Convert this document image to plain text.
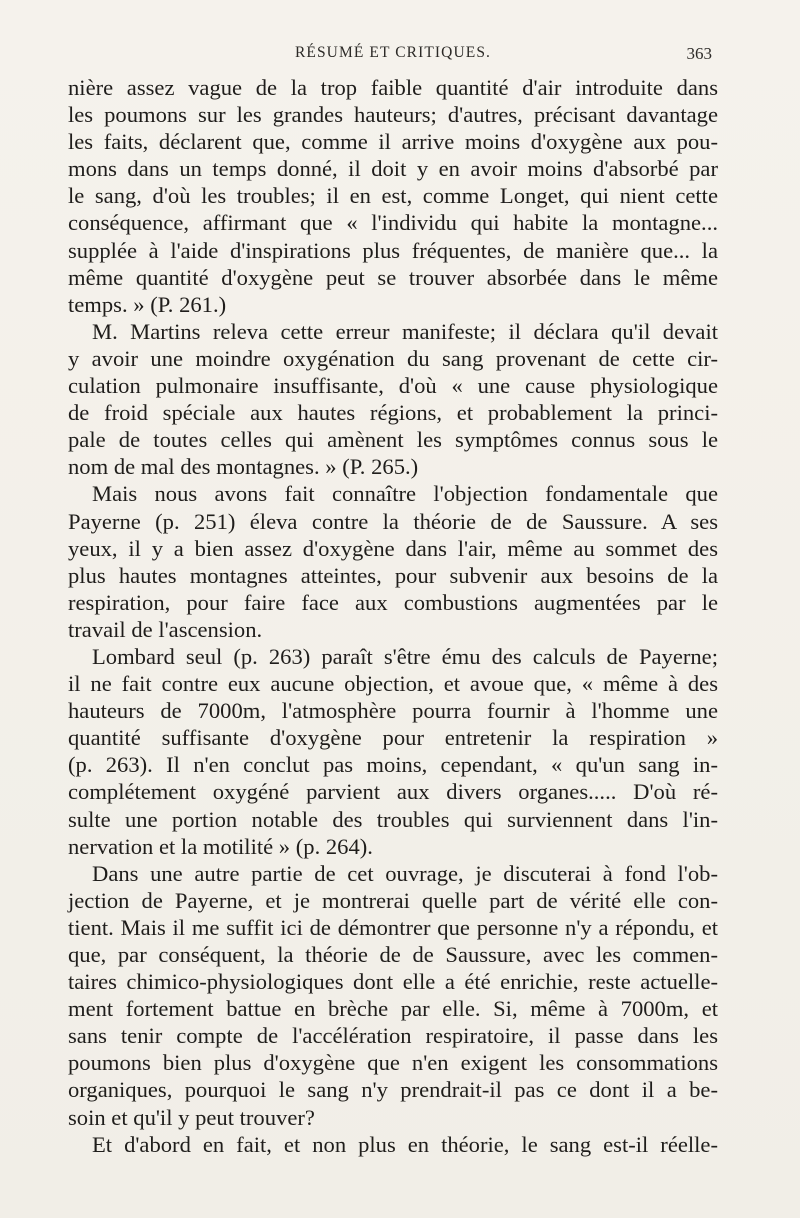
RÉSUMÉ ET CRITIQUES.	363

nière assez vague de la trop faible quantité d'air introduite dans
les poumons sur les grandes hauteurs; d'autres, précisant davantage
les faits, déclarent que, comme il arrive moins d'oxygène aux pou-
mons dans un temps donné, il doit y en avoir moins d'absorbé par
le sang, d'où les troubles; il en est, comme Longet, qui nient cette
conséquence, affirmant que « l'individu qui habite la montagne...
supplée à l'aide d'inspirations plus fréquentes, de manière que... la
même quantité d'oxygène peut se trouver absorbée dans le même
temps. » (P. 261.)

M. Martins releva cette erreur manifeste; il déclara qu'il devait
y avoir une moindre oxygénation du sang provenant de cette cir-
culation pulmonaire insuffisante, d'où « une cause physiologique
de froid spéciale aux hautes régions, et probablement la princi-
pale de toutes celles qui amènent les symptômes connus sous le
nom de mal des montagnes. » (P. 265.)

Mais nous avons fait connaître l'objection fondamentale que
Payerne (p. 251) éleva contre la théorie de de Saussure. A ses
yeux, il y a bien assez d'oxygène dans l'air, même au sommet des
plus hautes montagnes atteintes, pour subvenir aux besoins de la
respiration, pour faire face aux combustions augmentées par le
travail de l'ascension.

Lombard seul (p. 263) paraît s'être ému des calculs de Payerne;
il ne fait contre eux aucune objection, et avoue que, « même à des
hauteurs de 7000m, l'atmosphère pourra fournir à l'homme une
quantité suffisante d'oxygène pour entretenir la respiration »
(p. 263). Il n'en conclut pas moins, cependant, « qu'un sang in-
complétement oxygéné parvient aux divers organes..... D'où ré-
sulte une portion notable des troubles qui surviennent dans l'in-
nervation et la motilité » (p. 264).

Dans une autre partie de cet ouvrage, je discuterai à fond l'ob-
jection de Payerne, et je montrerai quelle part de vérité elle con-
tient. Mais il me suffit ici de démontrer que personne n'y a répondu, et
que, par conséquent, la théorie de de Saussure, avec les commen-
taires chimico-physiologiques dont elle a été enrichie, reste actuelle-
ment fortement battue en brèche par elle. Si, même à 7000m, et
sans tenir compte de l'accélération respiratoire, il passe dans les
poumons bien plus d'oxygène que n'en exigent les consommations
organiques, pourquoi le sang n'y prendrait-il pas ce dont il a be-
soin et qu'il y peut trouver?

Et d'abord en fait, et non plus en théorie, le sang est-il réelle-
